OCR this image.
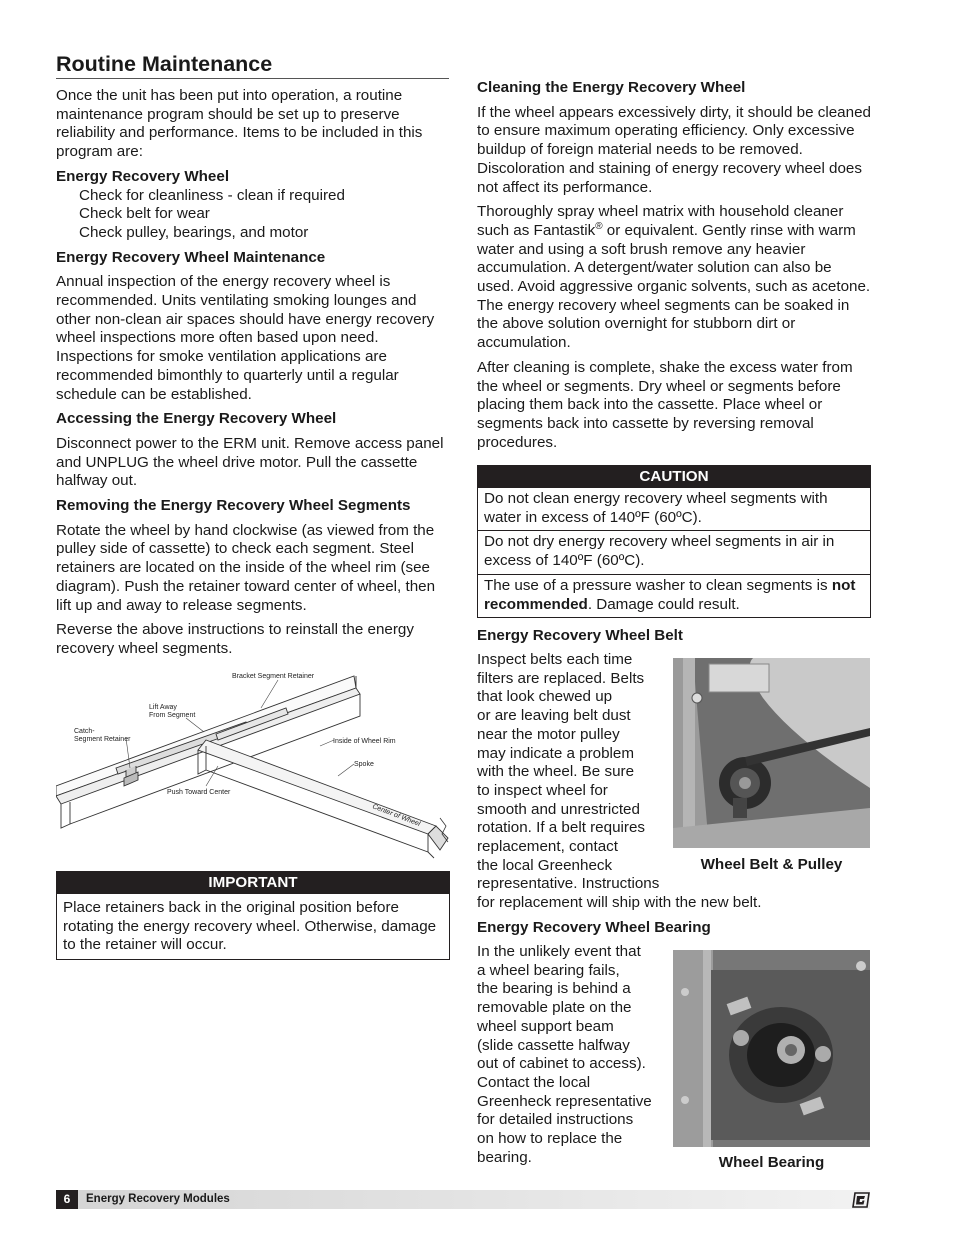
Routine Maintenance

Once the unit has been put into operation, a routine maintenance program should be set up to preserve reliability and performance. Items to be included in this program are:

Energy Recovery Wheel

Check for cleanliness - clean if required

Check belt for wear

Check pulley, bearings, and motor

Energy Recovery Wheel Maintenance

Annual inspection of the energy recovery wheel is recommended. Units ventilating smoking lounges and other non-clean air spaces should have energy recovery wheel inspections more often based upon need. Inspections for smoke ventilation applications are recommended bimonthly to quarterly until a regular schedule can be established.

Accessing the Energy Recovery Wheel

Disconnect power to the ERM unit. Remove access panel and UNPLUG the wheel drive motor. Pull the cassette halfway out.

Removing the Energy Recovery Wheel Segments

Rotate the wheel by hand clockwise (as viewed from the pulley side of cassette) to check each segment. Steel retainers are located on the inside of the wheel rim (see diagram). Push the retainer toward center of wheel, then lift up and away to release segments.

Reverse the above instructions to reinstall the energy recovery wheel segments.

Bracket Segment Retainer
Lift Away
From Segment
Catch-
Segment Retainer	Inside of Wheel Rim
Spoke
Push Toward Center
Center of Wheel
IMPORTANT
Place retainers back in the original position before rotating the energy recovery wheel. Otherwise, damage to the retainer will occur.

Cleaning the Energy Recovery Wheel

If the wheel appears excessively dirty, it should be cleaned to ensure maximum operating efficiency. Only excessive buildup of foreign material needs to be removed. Discoloration and staining of energy recovery wheel does not affect its performance.

Thoroughly spray wheel matrix with household cleaner such as Fantastik® or equivalent. Gently rinse with warm water and using a soft brush remove any heavier accumulation. A detergent/water solution can also be used. Avoid aggressive organic solvents, such as acetone. The energy recovery wheel segments can be soaked in the above solution overnight for stubborn dirt or accumulation.

After cleaning is complete, shake the excess water from the wheel or segments. Dry wheel or segments before placing them back into the cassette. Place wheel or segments back into cassette by reversing removal procedures.

CAUTION
Do not clean energy recovery wheel segments with water in excess of 140ºF (60ºC).
Do not dry energy recovery wheel segments in air in excess of 140ºF (60ºC).
The use of a pressure washer to clean segments is not recommended. Damage could result.
Energy Recovery Wheel Belt
Inspect belts each time
filters are replaced. Belts
that look chewed up
or are leaving belt dust
near the motor pulley
may indicate a problem
with the wheel. Be sure
to inspect wheel for
smooth and unrestricted
rotation. If a belt requires
replacement, contact
the local Greenheck
representative. Instructions
for replacement will ship with the new belt.
Wheel Belt & Pulley
Energy Recovery Wheel Bearing
In the unlikely event that
a wheel bearing fails,
the bearing is behind a
removable plate on the
wheel support beam
(slide cassette halfway
out of cabinet to access).
Contact the local
Greenheck representative
for detailed instructions
on how to replace the
bearing.	Wheel Bearing
6	Energy Recovery Modules
